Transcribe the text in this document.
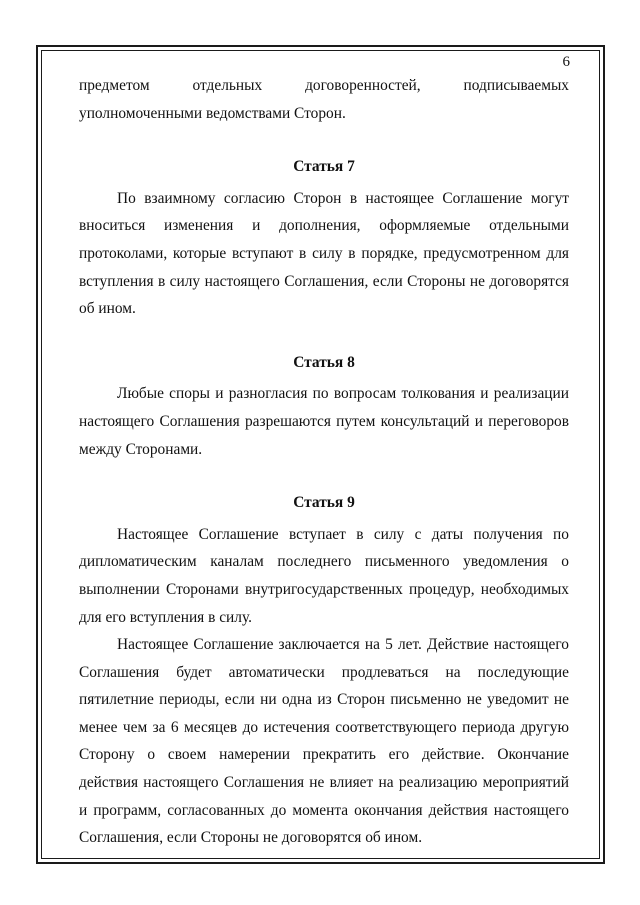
6

предметом отдельных договоренностей, подписываемых

уполномоченными ведомствами Сторон.

Статья 7

По взаимному согласию Сторон в настоящее Соглашение могут вноситься изменения и дополнения, оформляемые отдельными протоколами, которые вступают в силу в порядке, предусмотренном для вступления в силу настоящего Соглашения, если Стороны не договорятся об ином.

Статья 8

Любые споры и разногласия по вопросам толкования и реализации настоящего Соглашения разрешаются путем консультаций и переговоров между Сторонами.

Статья 9

Настоящее Соглашение вступает в силу с даты получения по дипломатическим каналам последнего письменного уведомления о выполнении Сторонами внутригосударственных процедур, необходимых для его вступления в силу.

Настоящее Соглашение заключается на 5 лет. Действие настоящего Соглашения будет автоматически продлеваться на последующие пятилетние периоды, если ни одна из Сторон письменно не уведомит не менее чем за 6 месяцев до истечения соответствующего периода другую Сторону о своем намерении прекратить его действие. Окончание действия настоящего Соглашения не влияет на реализацию мероприятий и программ, согласованных до момента окончания действия настоящего Соглашения, если Стороны не договорятся об ином.
